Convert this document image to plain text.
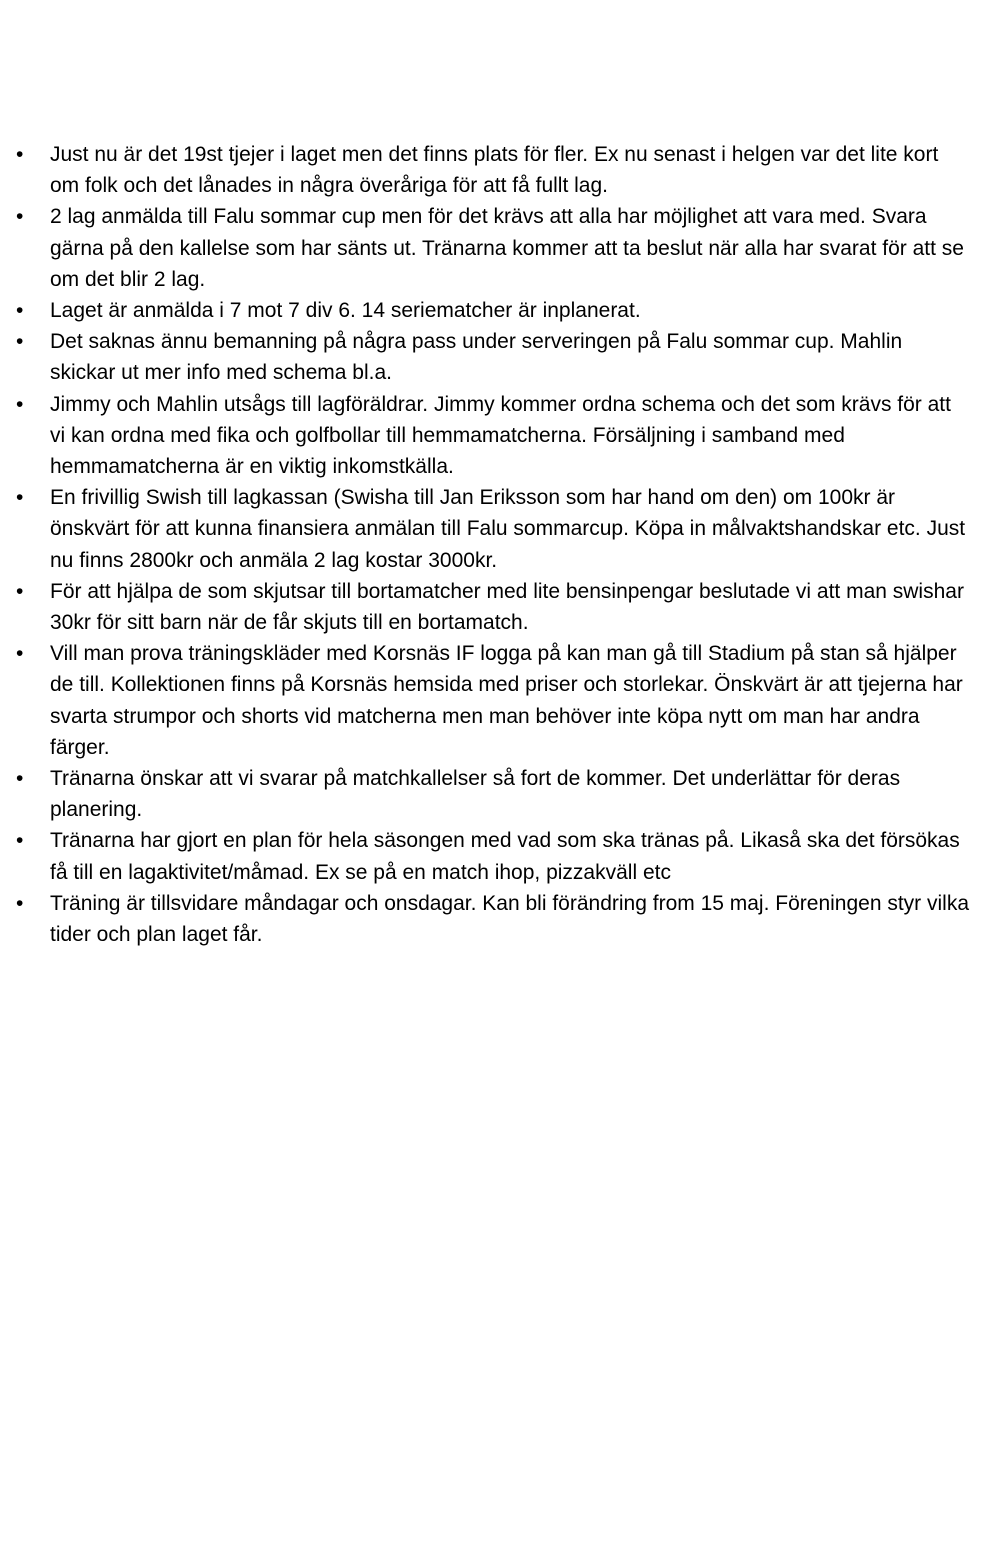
•
Just nu är det 19st tjejer i laget men det finns plats för fler. Ex nu senast i helgen var det lite kort om folk och det lånades in några överåriga för att få fullt lag.
•
2 lag anmälda till Falu sommar cup men för det krävs att alla har möjlighet att vara med. Svara gärna på den kallelse som har sänts ut. Tränarna kommer att ta beslut när alla har svarat för att se om det blir 2 lag.
•
Laget är anmälda i 7 mot 7 div 6. 14 seriematcher är inplanerat.
•
Det saknas ännu bemanning på några pass under serveringen på Falu sommar cup. Mahlin skickar ut mer info med schema bl.a.
•
Jimmy och Mahlin utsågs till lagföräldrar. Jimmy kommer ordna schema och det som krävs för att vi kan ordna med fika och golfbollar till hemmamatcherna. Försäljning i samband med hemmamatcherna är en viktig inkomstkälla.
•
En frivillig Swish till lagkassan (Swisha till Jan Eriksson som har hand om den) om 100kr är önskvärt för att kunna finansiera anmälan till Falu sommarcup. Köpa in målvaktshandskar etc. Just nu finns 2800kr och anmäla 2 lag kostar 3000kr.
•
För att hjälpa de som skjutsar till bortamatcher med lite bensinpengar beslutade vi att man swishar 30kr för sitt barn när de får skjuts till en bortamatch.
•
Vill man prova träningskläder med Korsnäs IF logga på kan man gå till Stadium på stan så hjälper de till. Kollektionen finns på Korsnäs hemsida med priser och storlekar. Önskvärt är att tjejerna har svarta strumpor och shorts vid matcherna men man behöver inte köpa nytt om man har andra färger.
•
Tränarna önskar att vi svarar på matchkallelser så fort de kommer. Det underlättar för deras planering.
•
Tränarna har gjort en plan för hela säsongen med vad som ska tränas på. Likaså ska det försökas få till en lagaktivitet/måmad. Ex se på en match ihop, pizzakväll etc
•
Träning är tillsvidare måndagar och onsdagar. Kan bli förändring from 15 maj. Föreningen styr vilka tider och plan laget får.
